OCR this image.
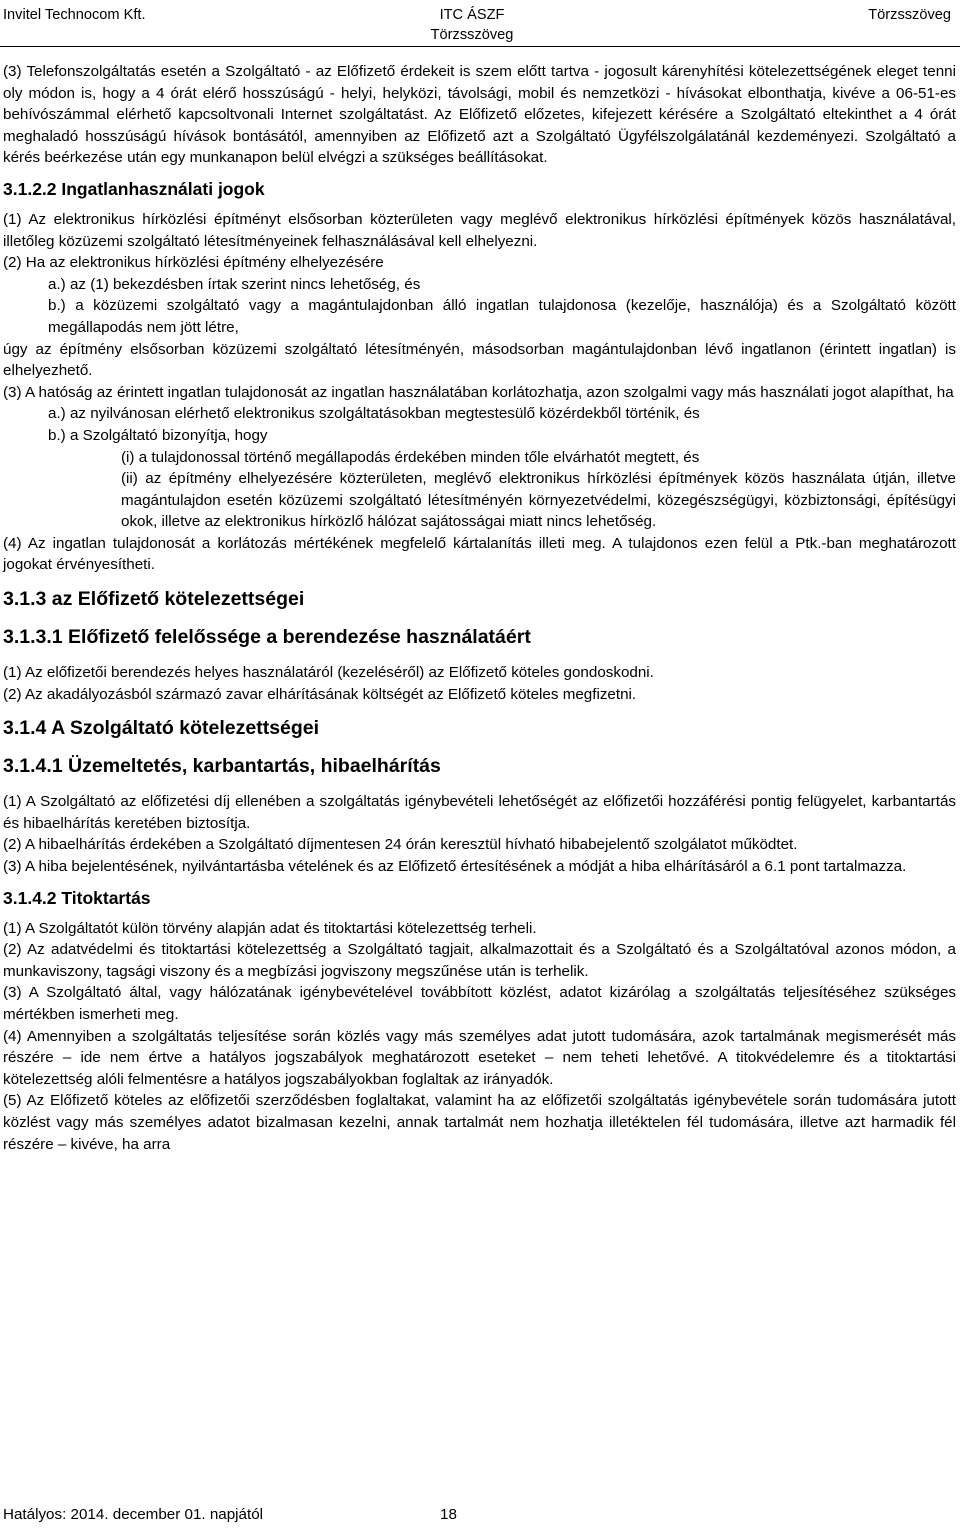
Invitel Technocom Kft.	ITC ÁSZF
Törzsszöveg
Törzsszöveg

(3) Telefonszolgáltatás esetén a Szolgáltató - az Előfizető érdekeit is szem előtt tartva - jogosult kárenyhítési kötelezettségének eleget tenni oly módon is, hogy a 4 órát elérő hosszúságú - helyi, helyközi, távolsági, mobil és nemzetközi - hívásokat elbonthatja, kivéve a 06-51-es behívószámmal elérhető kapcsoltvonali Internet szolgáltatást. Az Előfizető előzetes, kifejezett kérésére a Szolgáltató eltekinthet a 4 órát meghaladó hosszúságú hívások bontásától, amennyiben az Előfizető azt a Szolgáltató Ügyfélszolgálatánál kezdeményezi. Szolgáltató a kérés beérkezése után egy munkanapon belül elvégzi a szükséges beállításokat.

3.1.2.2 Ingatlanhasználati jogok

(1) Az elektronikus hírközlési építményt elsősorban közterületen vagy meglévő elektronikus hírközlési építmények közös használatával, illetőleg közüzemi szolgáltató létesítményeinek felhasználásával kell elhelyezni.

(2) Ha az elektronikus hírközlési építmény elhelyezésére

a.) az (1) bekezdésben írtak szerint nincs lehetőség, és

b.) a közüzemi szolgáltató vagy a magántulajdonban álló ingatlan tulajdonosa (kezelője, használója) és a Szolgáltató között megállapodás nem jött létre,

úgy az építmény elsősorban közüzemi szolgáltató létesítményén, másodsorban magántulajdonban lévő ingatlanon (érintett ingatlan) is elhelyezhető.

(3) A hatóság az érintett ingatlan tulajdonosát az ingatlan használatában korlátozhatja, azon szolgalmi vagy más használati jogot alapíthat, ha

a.) az nyilvánosan elérhető elektronikus szolgáltatásokban megtestesülő közérdekből történik, és

b.) a Szolgáltató bizonyítja, hogy

(i) a tulajdonossal történő megállapodás érdekében minden tőle elvárhatót megtett, és

(ii) az építmény elhelyezésére közterületen, meglévő elektronikus hírközlési építmények közös használata útján, illetve magántulajdon esetén közüzemi szolgáltató létesítményén környezetvédelmi, közegészségügyi, közbiztonsági, építésügyi okok, illetve az elektronikus hírközlő hálózat sajátosságai miatt nincs lehetőség.

(4) Az ingatlan tulajdonosát a korlátozás mértékének megfelelő kártalanítás illeti meg. A tulajdonos ezen felül a Ptk.-ban meghatározott jogokat érvényesítheti.

3.1.3 az Előfizető kötelezettségei
3.1.3.1 Előfizető felelőssége a berendezése használatáért

(1) Az előfizetői berendezés helyes használatáról (kezeléséről) az Előfizető köteles gondoskodni.

(2) Az akadályozásból származó zavar elhárításának költségét az Előfizető köteles megfizetni.

3.1.4 A Szolgáltató kötelezettségei
3.1.4.1 Üzemeltetés, karbantartás, hibaelhárítás

(1) A Szolgáltató az előfizetési díj ellenében a szolgáltatás igénybevételi lehetőségét az előfizetői hozzáférési pontig felügyelet, karbantartás és hibaelhárítás keretében biztosítja.

(2) A hibaelhárítás érdekében a Szolgáltató díjmentesen 24 órán keresztül hívható hibabejelentő szolgálatot működtet.

(3) A hiba bejelentésének, nyilvántartásba vételének és az Előfizető értesítésének a módját a hiba elhárításáról a 6.1 pont tartalmazza.

3.1.4.2 Titoktartás

(1) A Szolgáltatót külön törvény alapján adat és titoktartási kötelezettség terheli.

(2) Az adatvédelmi és titoktartási kötelezettség a Szolgáltató tagjait, alkalmazottait és a Szolgáltató és a Szolgáltatóval azonos módon, a munkaviszony, tagsági viszony és a megbízási jogviszony megszűnése után is terhelik.

(3) A Szolgáltató által, vagy hálózatának igénybevételével továbbított közlést, adatot kizárólag a szolgáltatás teljesítéséhez szükséges mértékben ismerheti meg.

(4) Amennyiben a szolgáltatás teljesítése során közlés vagy más személyes adat jutott tudomására, azok tartalmának megismerését más részére – ide nem értve a hatályos jogszabályok meghatározott eseteket – nem teheti lehetővé. A titokvédelemre és a titoktartási kötelezettség alóli felmentésre a hatályos jogszabályokban foglaltak az irányadók.

(5) Az Előfizető köteles az előfizetői szerződésben foglaltakat, valamint ha az előfizetői szolgáltatás igénybevétele során tudomására jutott közlést vagy más személyes adatot bizalmasan kezelni, annak tartalmát nem hozhatja illetéktelen fél tudomására, illetve azt harmadik fél részére – kivéve, ha arra

Hatályos: 2014. december 01. napjától	18
